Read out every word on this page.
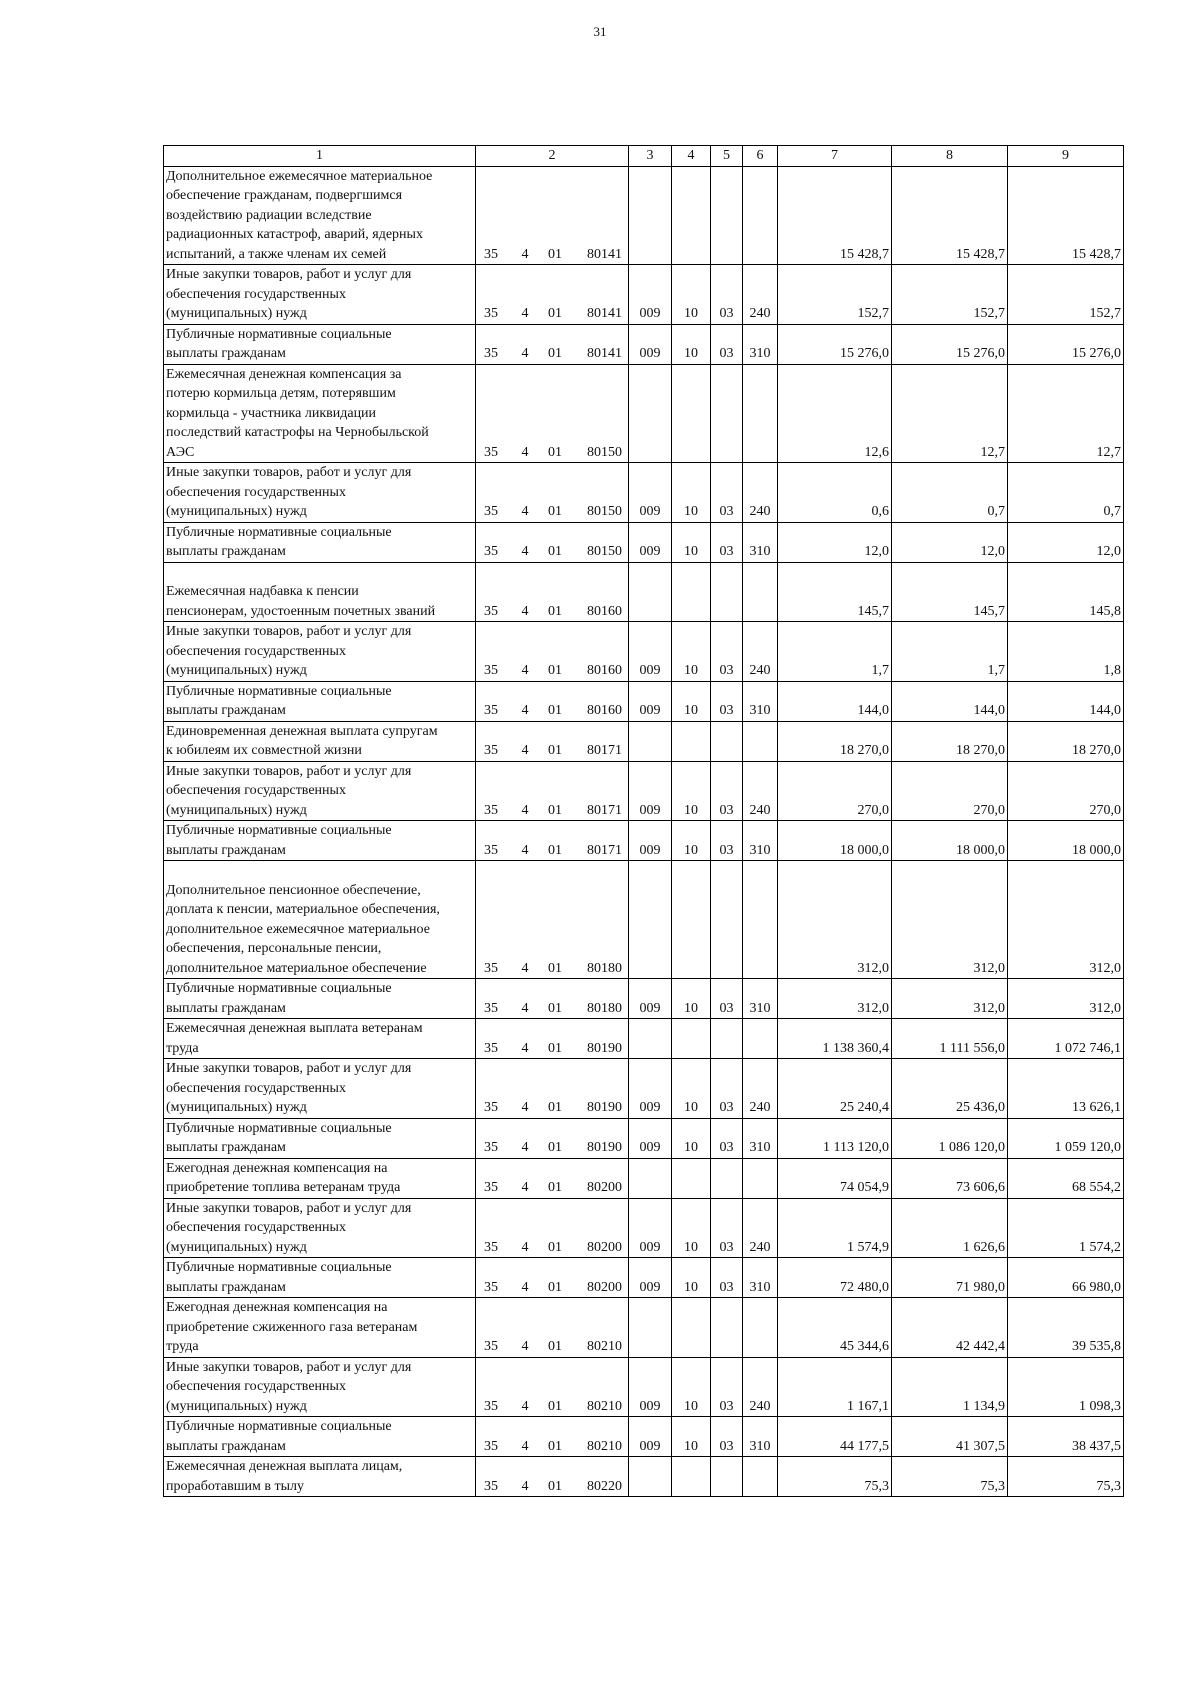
31
1	2	3	4	5	6	7	8	9
Дополнительное ежемесячное материальное
обеспечение гражданам, подвергшимся
воздействию радиации вследствие
радиационных катастроф, аварий, ядерных
испытаний, а также членам их семей	35 4 01 80141					15 428,7	15 428,7	15 428,7
Иные закупки товаров, работ и услуг для
обеспечения государственных
(муниципальных) нужд	35 4 01 80141	009	10	03	240	152,7	152,7	152,7
Публичные нормативные социальные
выплаты гражданам	35 4 01 80141	009	10	03	310	15 276,0	15 276,0	15 276,0
Ежемесячная денежная компенсация за
потерю кормильца детям, потерявшим
кормильца - участника ликвидации
последствий катастрофы на Чернобыльской
АЭС	35 4 01 80150					12,6	12,7	12,7
Иные закупки товаров, работ и услуг для
обеспечения государственных
(муниципальных) нужд	35 4 01 80150	009	10	03	240	0,6	0,7	0,7
Публичные нормативные социальные
выплаты гражданам	35 4 01 80150	009	10	03	310	12,0	12,0	12,0

Ежемесячная надбавка к пенсии
пенсионерам, удостоенным почетных званий	35 4 01 80160					145,7	145,7	145,8
Иные закупки товаров, работ и услуг для
обеспечения государственных
(муниципальных) нужд	35 4 01 80160	009	10	03	240	1,7	1,7	1,8
Публичные нормативные социальные
выплаты гражданам	35 4 01 80160	009	10	03	310	144,0	144,0	144,0
Единовременная денежная выплата супругам
к юбилеям их совместной жизни	35 4 01 80171					18 270,0	18 270,0	18 270,0
Иные закупки товаров, работ и услуг для
обеспечения государственных
(муниципальных) нужд	35 4 01 80171	009	10	03	240	270,0	270,0	270,0
Публичные нормативные социальные
выплаты гражданам	35 4 01 80171	009	10	03	310	18 000,0	18 000,0	18 000,0

Дополнительное пенсионное обеспечение,
доплата к пенсии, материальное обеспечения,
дополнительное ежемесячное материальное
обеспечения, персональные пенсии,
дополнительное материальное обеспечение	35 4 01 80180					312,0	312,0	312,0
Публичные нормативные социальные
выплаты гражданам	35 4 01 80180	009	10	03	310	312,0	312,0	312,0
Ежемесячная денежная выплата ветеранам
труда	35 4 01 80190					1 138 360,4	1 111 556,0	1 072 746,1
Иные закупки товаров, работ и услуг для
обеспечения государственных
(муниципальных) нужд	35 4 01 80190	009	10	03	240	25 240,4	25 436,0	13 626,1
Публичные нормативные социальные
выплаты гражданам	35 4 01 80190	009	10	03	310	1 113 120,0	1 086 120,0	1 059 120,0
Ежегодная денежная компенсация на
приобретение топлива ветеранам труда	35 4 01 80200					74 054,9	73 606,6	68 554,2
Иные закупки товаров, работ и услуг для
обеспечения государственных
(муниципальных) нужд	35 4 01 80200	009	10	03	240	1 574,9	1 626,6	1 574,2
Публичные нормативные социальные
выплаты гражданам	35 4 01 80200	009	10	03	310	72 480,0	71 980,0	66 980,0
Ежегодная денежная компенсация на
приобретение сжиженного газа ветеранам
труда	35 4 01 80210					45 344,6	42 442,4	39 535,8
Иные закупки товаров, работ и услуг для
обеспечения государственных
(муниципальных) нужд	35 4 01 80210	009	10	03	240	1 167,1	1 134,9	1 098,3
Публичные нормативные социальные
выплаты гражданам	35 4 01 80210	009	10	03	310	44 177,5	41 307,5	38 437,5
Ежемесячная денежная выплата лицам,
проработавшим в тылу	35 4 01 80220					75,3	75,3	75,3
